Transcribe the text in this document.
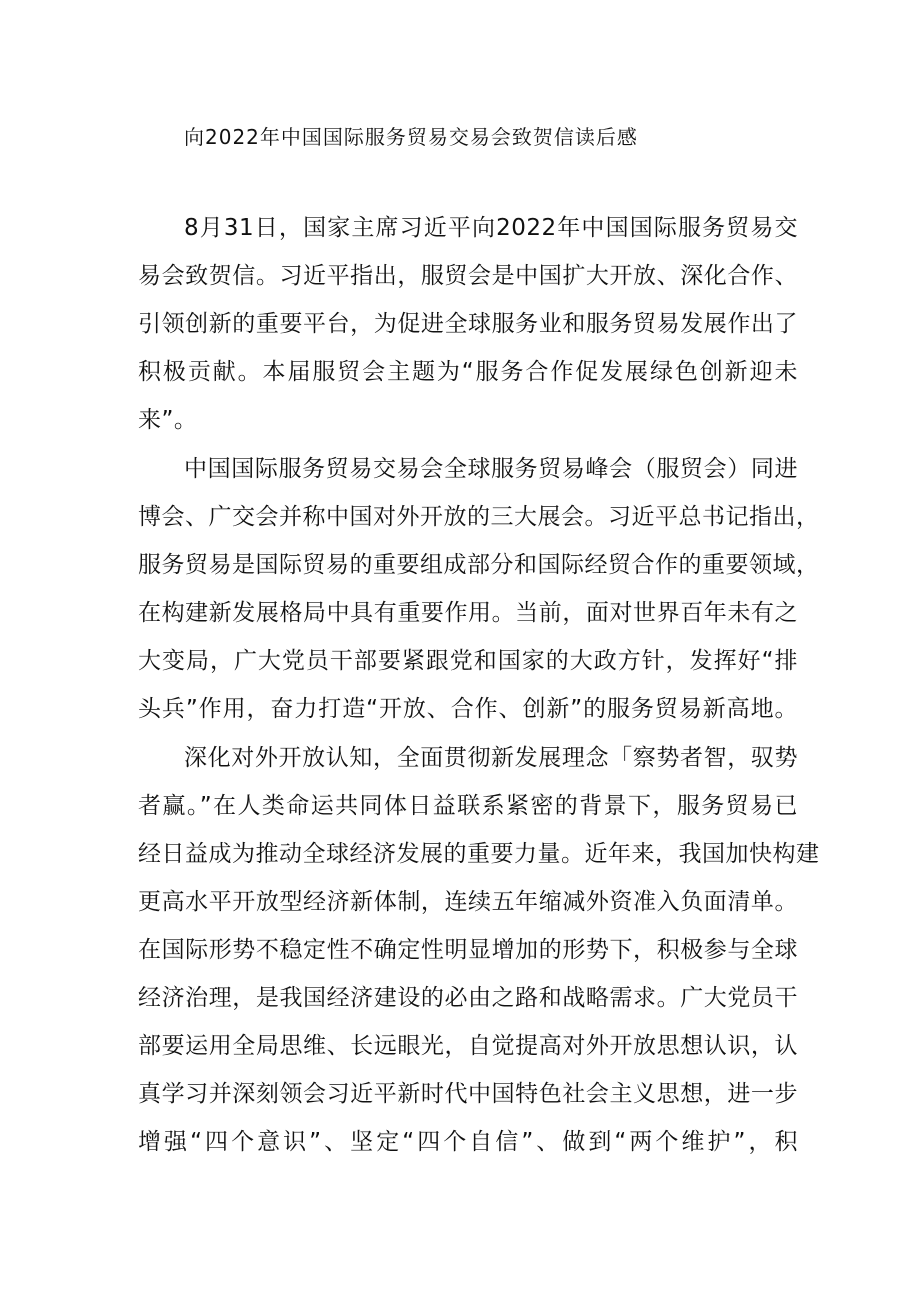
向2022年中国国际服务贸易交易会致贺信读后感
8月31日，国家主席习近平向2022年中国国际服务贸易交
易会致贺信。习近平指出，服贸会是中国扩大开放、深化合作、
引领创新的重要平台，为促进全球服务业和服务贸易发展作出了
积极贡献。本届服贸会主题为“服务合作促发展绿色创新迎未
来”。
中国国际服务贸易交易会全球服务贸易峰会（服贸会）同进
博会、广交会并称中国对外开放的三大展会。习近平总书记指出，
服务贸易是国际贸易的重要组成部分和国际经贸合作的重要领域，
在构建新发展格局中具有重要作用。当前，面对世界百年未有之
大变局，广大党员干部要紧跟党和国家的大政方针，发挥好“排
头兵”作用，奋力打造“开放、合作、创新”的服务贸易新高地。
深化对外开放认知，全面贯彻新发展理念「察势者智，驭势
者赢。”在人类命运共同体日益联系紧密的背景下，服务贸易已
经日益成为推动全球经济发展的重要力量。近年来，我国加快构建
更高水平开放型经济新体制，连续五年缩减外资准入负面清单。
在国际形势不稳定性不确定性明显增加的形势下，积极参与全球
经济治理，是我国经济建设的必由之路和战略需求。广大党员干
部要运用全局思维、长远眼光，自觉提高对外开放思想认识，认
真学习并深刻领会习近平新时代中国特色社会主义思想，进一步
增强“四个意识”、坚定“四个自信”、做到“两个维护”，积
